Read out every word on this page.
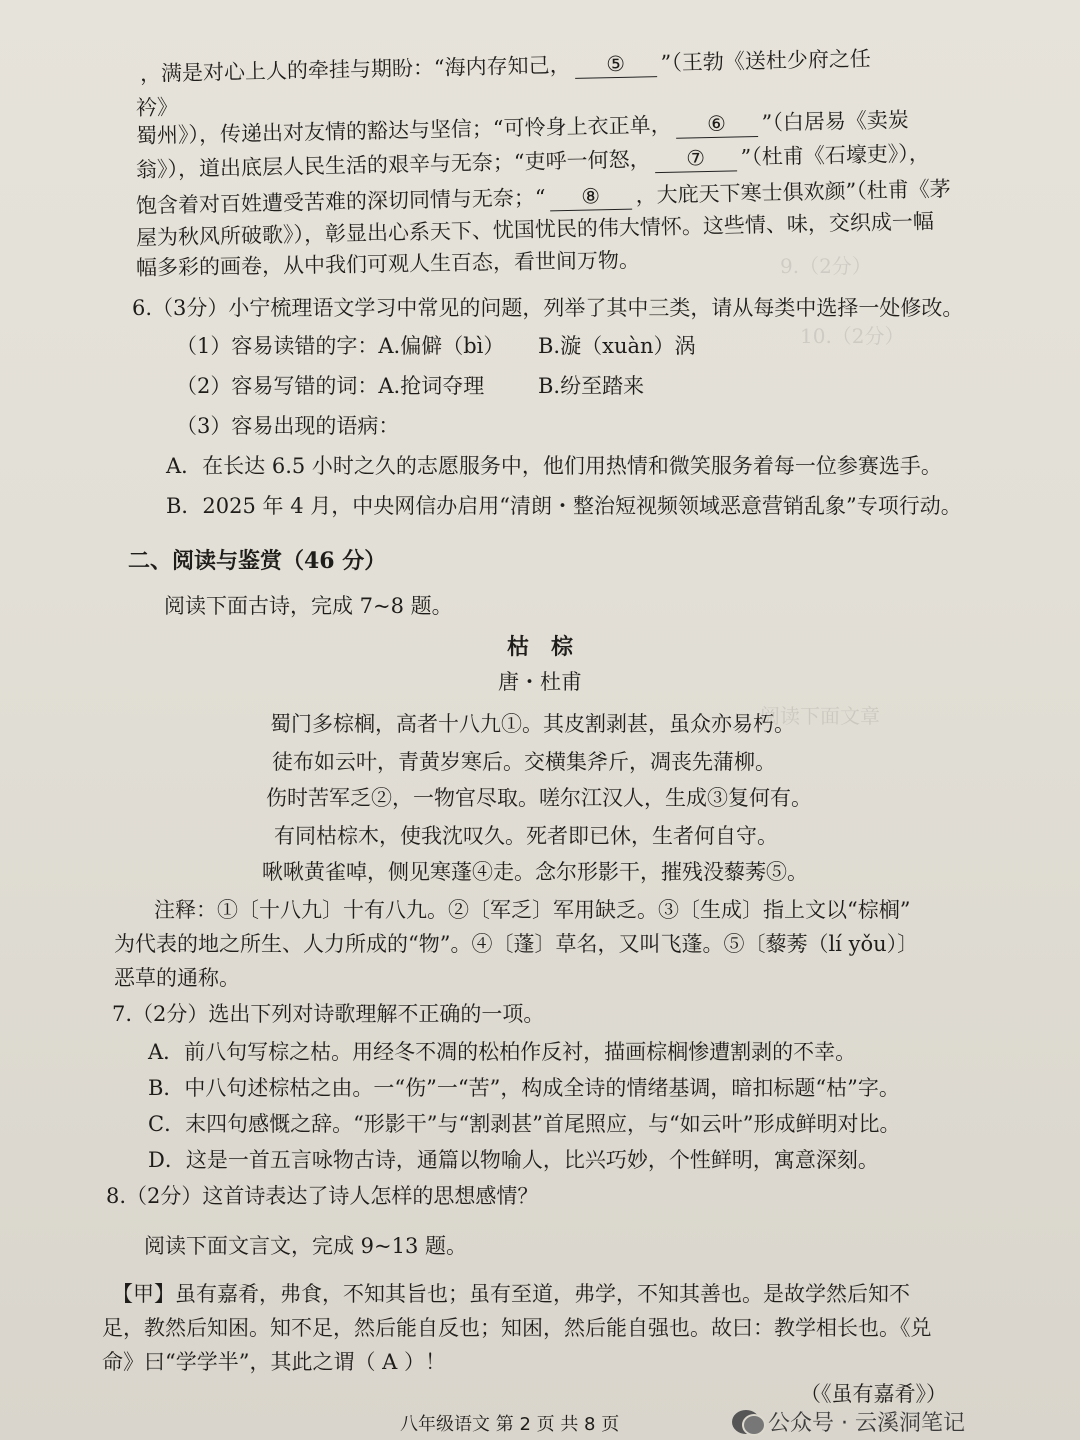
9.（2分）
10.（2分）
阅读下面文章
，满是对心上人的牵挂与期盼：“海内存知己， ⑤ ”（王勃《送杜少府之任
衿》
蜀州》），传递出对友情的豁达与坚信；“可怜身上衣正单， ⑥ ”（白居易《卖炭
翁》），道出底层人民生活的艰辛与无奈；“吏呼一何怒， ⑦ ”（杜甫《石壕吏》），
饱含着对百姓遭受苦难的深切同情与无奈；“ ⑧ ，大庇天下寒士俱欢颜”（杜甫《茅
屋为秋风所破歌》），彰显出心系天下、忧国忧民的伟大情怀。这些情、味，交织成一幅
幅多彩的画卷，从中我们可观人生百态，看世间万物。
6.（3分）小宁梳理语文学习中常见的问题，列举了其中三类，请从每类中选择一处修改。
（1）容易读错的字：A.偏僻（bì） B.漩（xuàn）涡
（2）容易写错的词：A.抢词夺理	B.纷至踏来
（3）容易出现的语病：
A．在长达 6.5 小时之久的志愿服务中，他们用热情和微笑服务着每一位参赛选手。
B．2025 年 4 月，中央网信办启用“清朗・整治短视频领域恶意营销乱象”专项行动。
二、阅读与鉴赏（46 分）
阅读下面古诗，完成 7~8 题。
枯　棕
唐・杜甫
蜀门多棕榈，高者十八九①。其皮割剥甚，虽众亦易朽。
徒布如云叶，青黄岁寒后。交横集斧斤，凋丧先蒲柳。
伤时苦军乏②，一物官尽取。嗟尔江汉人，生成③复何有。
有同枯棕木，使我沈叹久。死者即已休，生者何自守。
啾啾黄雀啅，侧见寒蓬④走。念尔形影干，摧残没藜莠⑤。
注释：①〔十八九〕十有八九。②〔军乏〕军用缺乏。③〔生成〕指上文以“棕榈”
为代表的地之所生、人力所成的“物”。④〔蓬〕草名，又叫飞蓬。⑤〔藜莠（lí yǒu）〕
恶草的通称。
7.（2分）选出下列对诗歌理解不正确的一项。
A．前八句写棕之枯。用经冬不凋的松柏作反衬，描画棕榈惨遭割剥的不幸。
B．中八句述棕枯之由。一“伤”一“苦”，构成全诗的情绪基调，暗扣标题“枯”字。
C．末四句感慨之辞。“形影干”与“割剥甚”首尾照应，与“如云叶”形成鲜明对比。
D．这是一首五言咏物古诗，通篇以物喻人，比兴巧妙，个性鲜明，寓意深刻。
8.（2分）这首诗表达了诗人怎样的思想感情？
阅读下面文言文，完成 9~13 题。
【甲】虽有嘉肴，弗食，不知其旨也；虽有至道，弗学，不知其善也。是故学然后知不
足，教然后知困。知不足，然后能自反也；知困，然后能自强也。故曰：教学相长也。《兑
命》曰“学学半”，其此之谓（ A ）！
（《虽有嘉肴》）
八年级语文 第 2 页 共 8 页	公众号 · 云溪洞笔记
